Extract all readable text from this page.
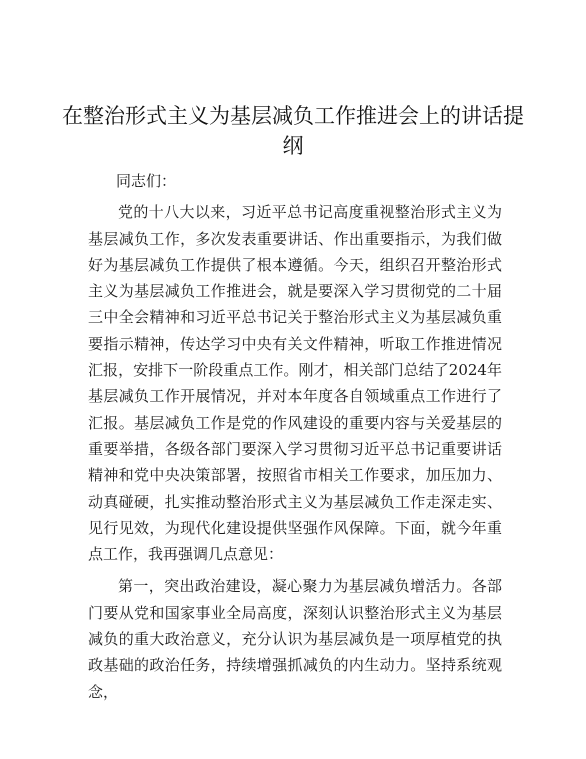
在整治形式主义为基层减负工作推进会上的讲话提纲

同志们：

党的十八大以来，习近平总书记高度重视整治形式主义为基层减负工作，多次发表重要讲话、作出重要指示，为我们做好为基层减负工作提供了根本遵循。今天，组织召开整治形式主义为基层减负工作推进会，就是要深入学习贯彻党的二十届三中全会精神和习近平总书记关于整治形式主义为基层减负重要指示精神，传达学习中央有关文件精神，听取工作推进情况汇报，安排下一阶段重点工作。刚才，相关部门总结了2024年基层减负工作开展情况，并对本年度各自领域重点工作进行了汇报。基层减负工作是党的作风建设的重要内容与关爱基层的重要举措，各级各部门要深入学习贯彻习近平总书记重要讲话精神和党中央决策部署，按照省市相关工作要求，加压加力、动真碰硬，扎实推动整治形式主义为基层减负工作走深走实、见行见效，为现代化建设提供坚强作风保障。下面，就今年重点工作，我再强调几点意见：

第一，突出政治建设，凝心聚力为基层减负增活力。各部门要从党和国家事业全局高度，深刻认识整治形式主义为基层减负的重大政治意义，充分认识为基层减负是一项厚植党的执政基础的政治任务，持续增强抓减负的内生动力。坚持系统观念，
